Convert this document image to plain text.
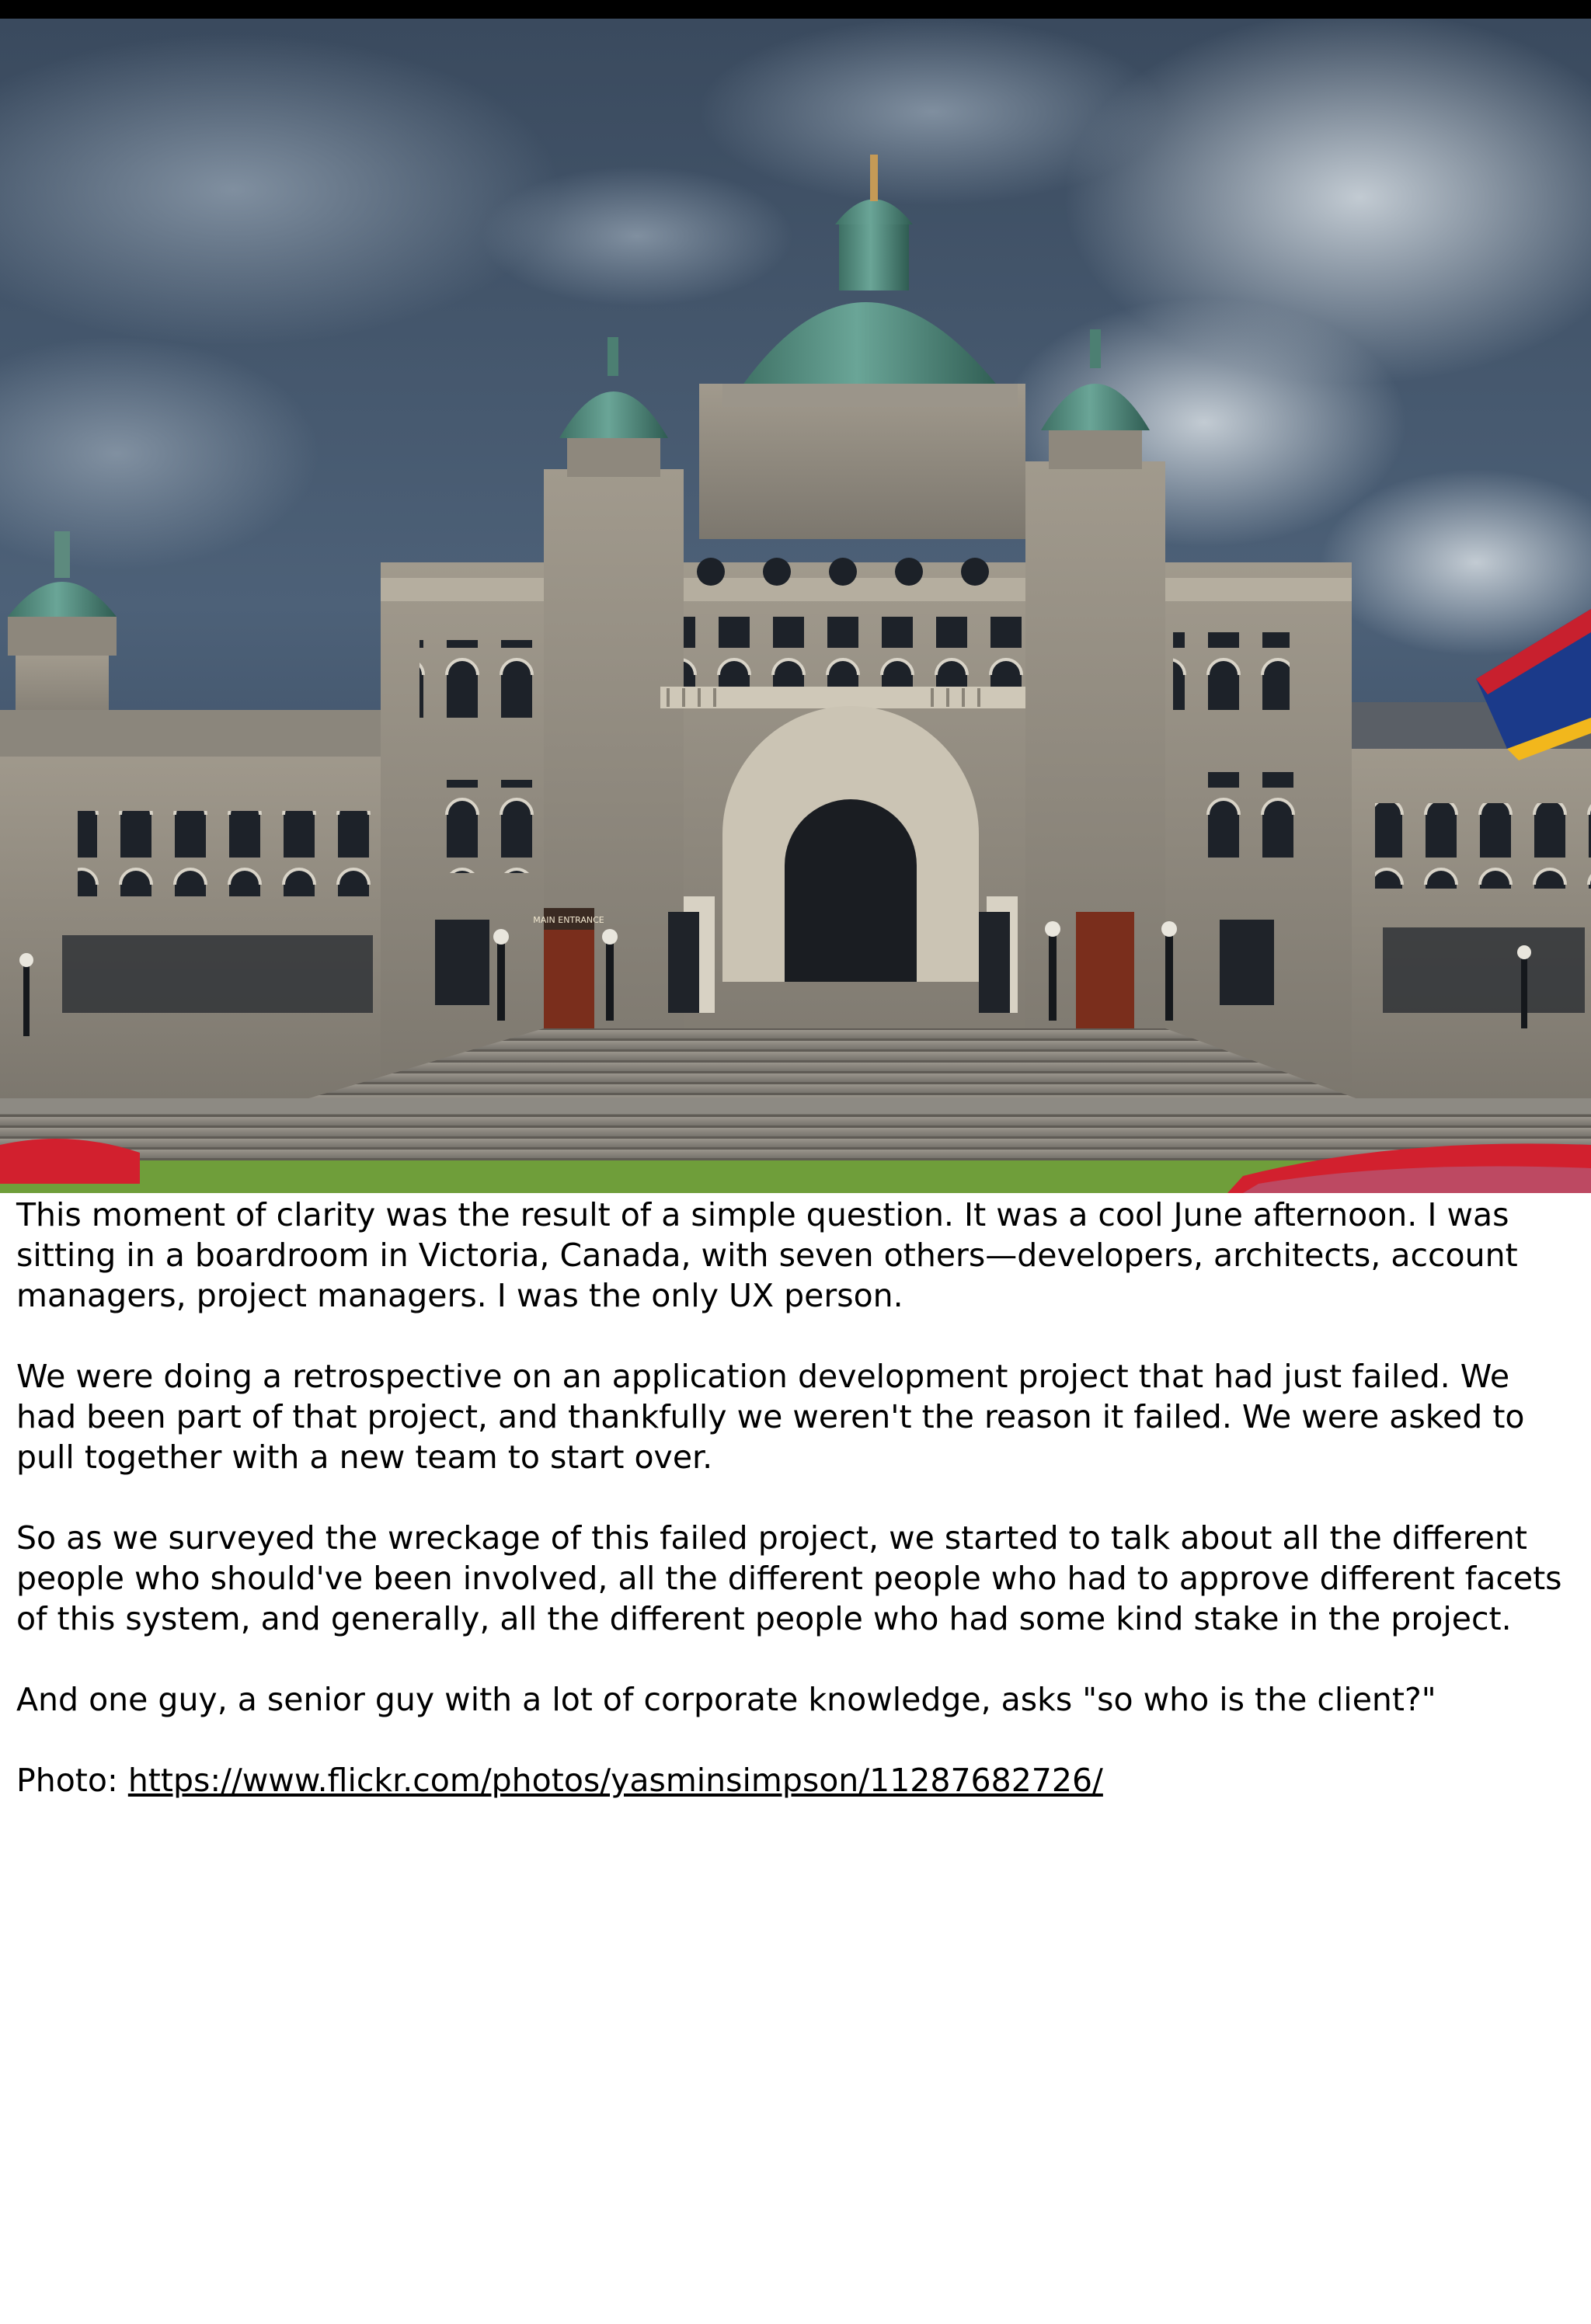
MAIN ENTRANCE

This moment of clarity was the result of a simple question. It was a cool June afternoon. I was sitting in a boardroom in Victoria, Canada, with seven others—developers, architects, account managers, project managers. I was the only UX person.

We were doing a retrospective on an application development project that had just failed. We had been part of that project, and thankfully we weren't the reason it failed. We were asked to pull together with a new team to start over.

So as we surveyed the wreckage of this failed project, we started to talk about all the different people who should've been involved, all the different people who had to approve different facets of this system, and generally, all the different people who had some kind stake in the project.

And one guy, a senior guy with a lot of corporate knowledge, asks "so who is the client?"

Photo: https://www.flickr.com/photos/yasminsimpson/11287682726/
